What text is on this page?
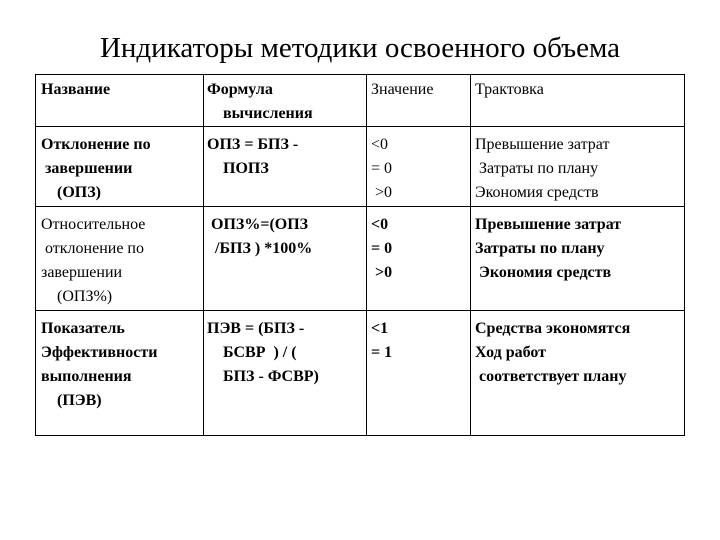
Индикаторы методики освоенного объема
Название	Формула
вычисления
Значение	Трактовка
Отклонение по
завершении
(ОПЗ)
ОПЗ = БПЗ -
ПОПЗ
<0
= 0
>0
Превышение затрат
Затраты по плану
Экономия средств
Относительное
отклонение по
завершении
(ОПЗ%)
ОПЗ%=(ОПЗ
/БПЗ ) *100%
<0
= 0
>0
Превышение затрат
Затраты по плану
Экономия средств
Показатель
Эффективности
выполнения
(ПЭВ)
ПЭВ = (БПЗ -
БСВР  ) / (
БПЗ - ФСВР)
<1
= 1
Средства экономятся
Ход работ
соответствует плану
